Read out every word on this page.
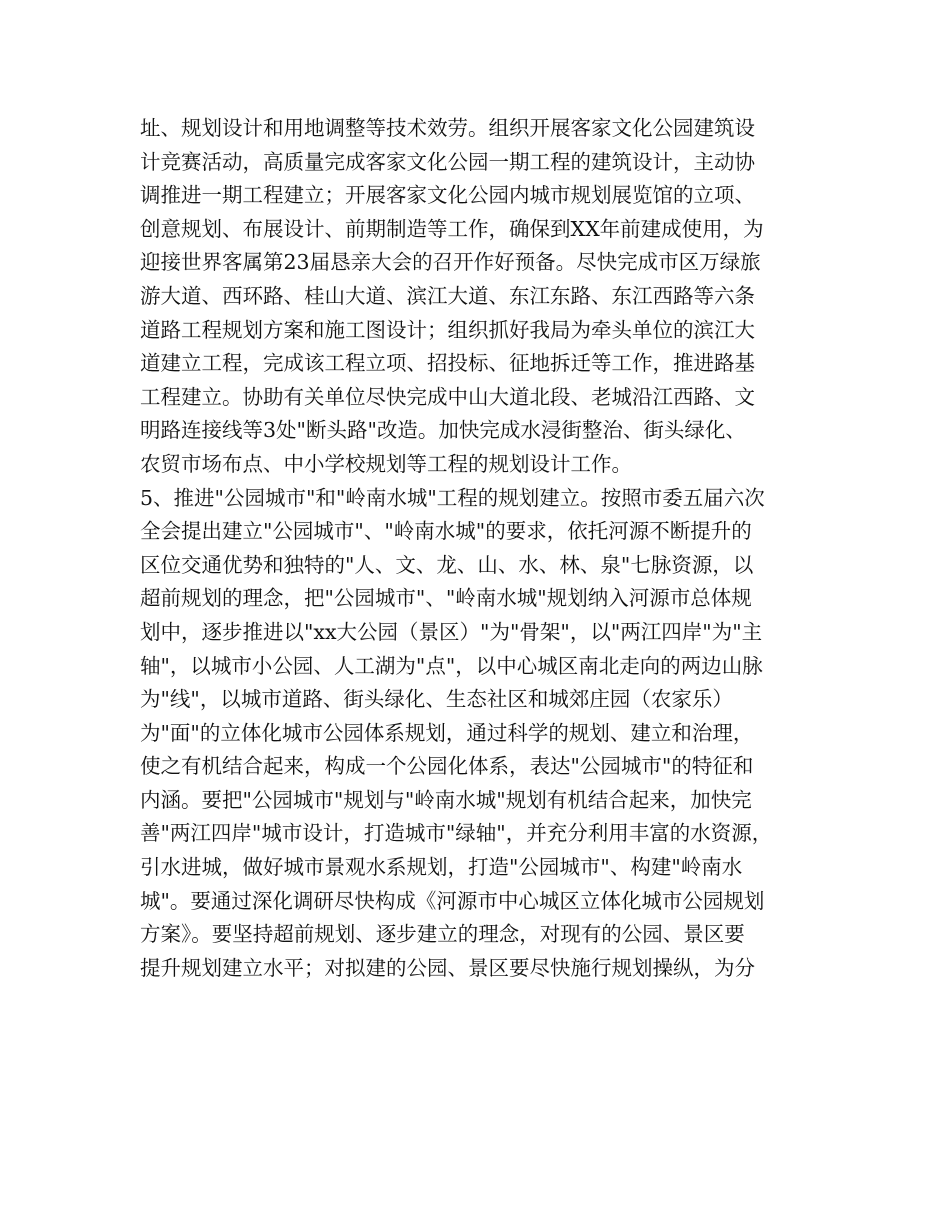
址、规划设计和用地调整等技术效劳。组织开展客家文化公园建筑设
计竞赛活动，高质量完成客家文化公园一期工程的建筑设计，主动协
调推进一期工程建立；开展客家文化公园内城市规划展览馆的立项、
创意规划、布展设计、前期制造等工作，确保到XX年前建成使用，为
迎接世界客属第23届恳亲大会的召开作好预备。尽快完成市区万绿旅
游大道、西环路、桂山大道、滨江大道、东江东路、东江西路等六条
道路工程规划方案和施工图设计；组织抓好我局为牵头单位的滨江大
道建立工程，完成该工程立项、招投标、征地拆迁等工作，推进路基
工程建立。协助有关单位尽快完成中山大道北段、老城沿江西路、文
明路连接线等3处"断头路"改造。加快完成水浸街整治、街头绿化、
农贸市场布点、中小学校规划等工程的规划设计工作。
5、推进"公园城市"和"岭南水城"工程的规划建立。按照市委五届六次
全会提出建立"公园城市"、"岭南水城"的要求，依托河源不断提升的
区位交通优势和独特的"人、文、龙、山、水、林、泉"七脉资源，以
超前规划的理念，把"公园城市"、"岭南水城"规划纳入河源市总体规
划中，逐步推进以"xx大公园（景区）"为"骨架"，以"两江四岸"为"主
轴"，以城市小公园、人工湖为"点"，以中心城区南北走向的两边山脉
为"线"，以城市道路、街头绿化、生态社区和城郊庄园（农家乐）
为"面"的立体化城市公园体系规划，通过科学的规划、建立和治理，
使之有机结合起来，构成一个公园化体系，表达"公园城市"的特征和
内涵。要把"公园城市"规划与"岭南水城"规划有机结合起来，加快完
善"两江四岸"城市设计，打造城市"绿轴"，并充分利用丰富的水资源，
引水进城，做好城市景观水系规划，打造"公园城市"、构建"岭南水
城"。要通过深化调研尽快构成《河源市中心城区立体化城市公园规划
方案》。要坚持超前规划、逐步建立的理念，对现有的公园、景区要
提升规划建立水平；对拟建的公园、景区要尽快施行规划操纵，为分
